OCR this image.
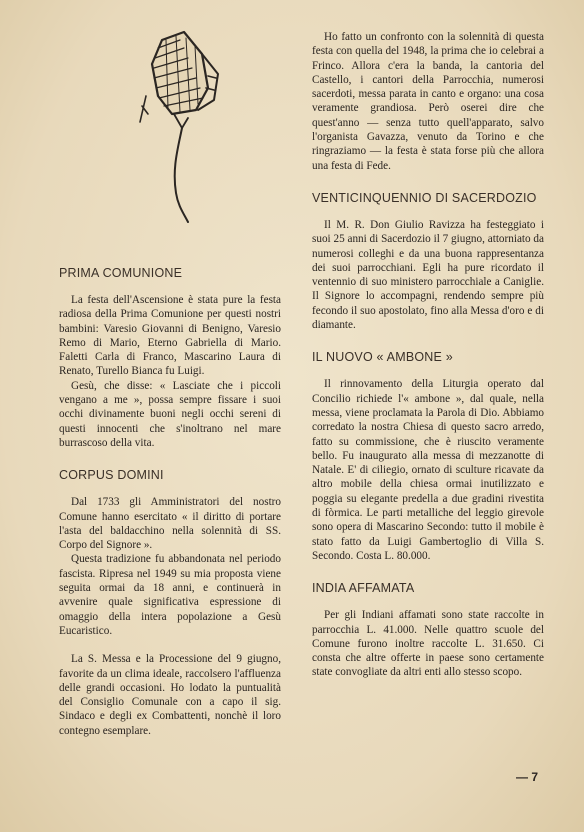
PRIMA COMUNIONE

La festa dell'Ascensione è stata pure la festa radiosa della Prima Comunione per questi nostri bambini: Varesio Giovanni di Benigno, Varesio Remo di Mario, Eterno Gabriella di Mario. Faletti Carla di Franco, Mascarino Laura di Renato, Turello Bianca fu Luigi.

Gesù, che disse: « Lasciate che i piccoli vengano a me », possa sempre fissare i suoi occhi divinamente buoni negli occhi sereni di questi innocenti che s'inoltrano nel mare burrascoso della vita.

CORPUS DOMINI

Dal 1733 gli Amministratori del nostro Comune hanno esercitato « il diritto di portare l'asta del baldacchino nella solennità di SS. Corpo del Signore ».

Questa tradizione fu abbandonata nel periodo fascista. Ripresa nel 1949 su mia proposta viene seguita ormai da 18 anni, e continuerà in avvenire quale significativa espressione di omaggio della intera popolazione a Gesù Eucaristico.

La S. Messa e la Processione del 9 giugno, favorite da un clima ideale, raccolsero l'affluenza delle grandi occasioni. Ho lodato la puntualità del Consiglio Comunale con a capo il sig. Sindaco e degli ex Combattenti, nonchè il loro contegno esemplare.

Ho fatto un confronto con la solennità di questa festa con quella del 1948, la prima che io celebrai a Frinco. Allora c'era la banda, la cantoria del Castello, i cantori della Parrocchia, numerosi sacerdoti, messa parata in canto e organo: una cosa veramente grandiosa. Però oserei dire che quest'anno — senza tutto quell'apparato, salvo l'organista Gavazza, venuto da Torino e che ringraziamo — la festa è stata forse più che allora una festa di Fede.

VENTICINQUENNIO DI SACERDOZIO

Il M. R. Don Giulio Ravizza ha festeggiato i suoi 25 anni di Sacerdozio il 7 giugno, attorniato da numerosi colleghi e da una buona rappresentanza dei suoi parrocchiani. Egli ha pure ricordato il ventennio di suo ministero parrocchiale a Caniglie. Il Signore lo accompagni, rendendo sempre più fecondo il suo apostolato, fino alla Messa d'oro e di diamante.

IL NUOVO « AMBONE »

Il rinnovamento della Liturgia operato dal Concilio richiede l'« ambone », dal quale, nella messa, viene proclamata la Parola di Dio. Abbiamo corredato la nostra Chiesa di questo sacro arredo, fatto su commissione, che è riuscito veramente bello. Fu inaugurato alla messa di mezzanotte di Natale. E' di ciliegio, ornato di sculture ricavate da altro mobile della chiesa ormai inutilizzato e poggia su elegante predella a due gradini rivestita di fòrmica. Le parti metalliche del leggio girevole sono opera di Mascarino Secondo: tutto il mobile è stato fatto da Luigi Gambertoglio di Villa S. Secondo. Costa L. 80.000.

INDIA AFFAMATA

Per gli Indiani affamati sono state raccolte in parrocchia L. 41.000. Nelle quattro scuole del Comune furono inoltre raccolte L. 31.650. Ci consta che altre offerte in paese sono certamente state convogliate da altri enti allo stesso scopo.

— 7
